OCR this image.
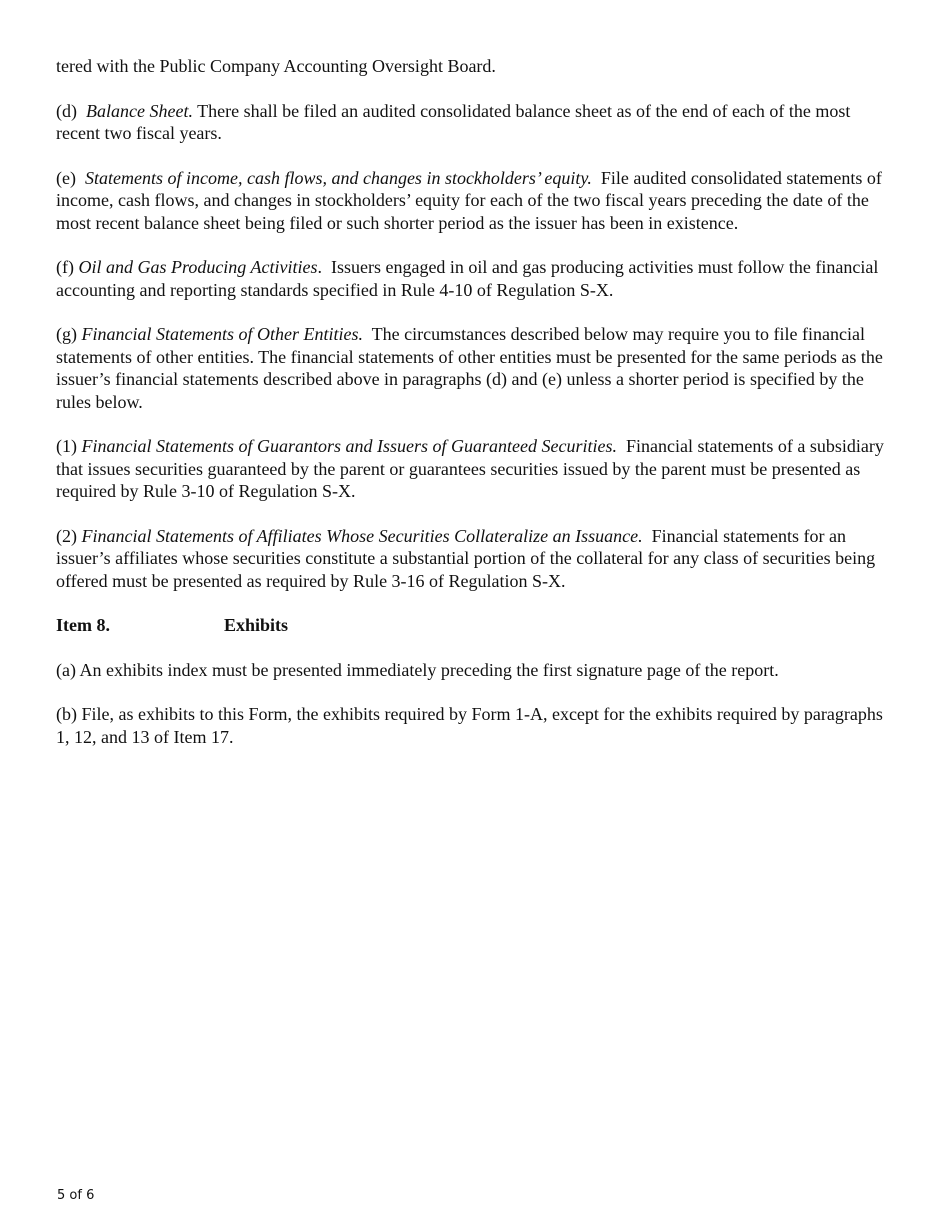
tered with the Public Company Accounting Oversight Board.

(d) Balance Sheet. There shall be filed an audited consolidated balance sheet as of the end of each of the most recent two fiscal years.

(e) Statements of income, cash flows, and changes in stockholders’ equity. File audited consolidated statements of income, cash flows, and changes in stockholders’ equity for each of the two fiscal years preceding the date of the most recent balance sheet being filed or such shorter period as the issuer has been in existence.

(f) Oil and Gas Producing Activities.  Issuers engaged in oil and gas producing activities must follow the financial accounting and reporting standards specified in Rule 4-10 of Regulation S-X.

(g) Financial Statements of Other Entities. The circumstances described below may require you to file financial statements of other entities. The financial statements of other entities must be presented for the same periods as the issuer’s financial statements described above in paragraphs (d) and (e) unless a shorter period is specified by the rules below.

(1) Financial Statements of Guarantors and Issuers of Guaranteed Securities. Financial statements of a subsidiary that issues securities guaranteed by the parent or guarantees securities issued by the parent must be presented as required by Rule 3-10 of Regulation S-X.

(2) Financial Statements of Affiliates Whose Securities Collateralize an Issuance. Financial statements for an issuer’s affiliates whose securities constitute a substantial portion of the collateral for any class of securities being offered must be presented as required by Rule 3-16 of Regulation S-X.

Item 8.	Exhibits

(a) An exhibits index must be presented immediately preceding the first signature page of the report.

(b) File, as exhibits to this Form, the exhibits required by Form 1-A, except for the exhibits required by paragraphs 1, 12, and 13 of Item 17.

5 of 6
